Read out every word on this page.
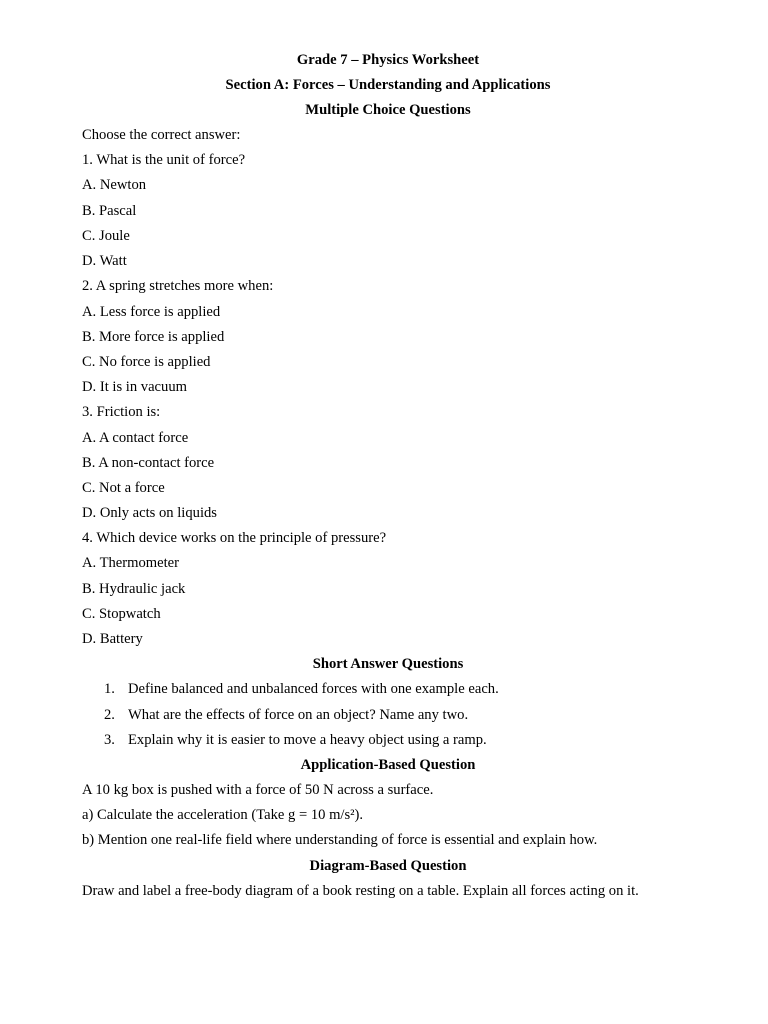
Grade 7 – Physics Worksheet
Section A: Forces – Understanding and Applications
Multiple Choice Questions
Choose the correct answer:
1. What is the unit of force?
A. Newton
B. Pascal
C. Joule
D. Watt
2. A spring stretches more when:
A. Less force is applied
B. More force is applied
C. No force is applied
D. It is in vacuum
3. Friction is:
A. A contact force
B. A non-contact force
C. Not a force
D. Only acts on liquids
4. Which device works on the principle of pressure?
A. Thermometer
B. Hydraulic jack
C. Stopwatch
D. Battery
Short Answer Questions
1. Define balanced and unbalanced forces with one example each.
2. What are the effects of force on an object? Name any two.
3. Explain why it is easier to move a heavy object using a ramp.
Application-Based Question
A 10 kg box is pushed with a force of 50 N across a surface.
a) Calculate the acceleration (Take g = 10 m/s²).
b) Mention one real-life field where understanding of force is essential and explain how.
Diagram-Based Question
Draw and label a free-body diagram of a book resting on a table. Explain all forces acting on it.
